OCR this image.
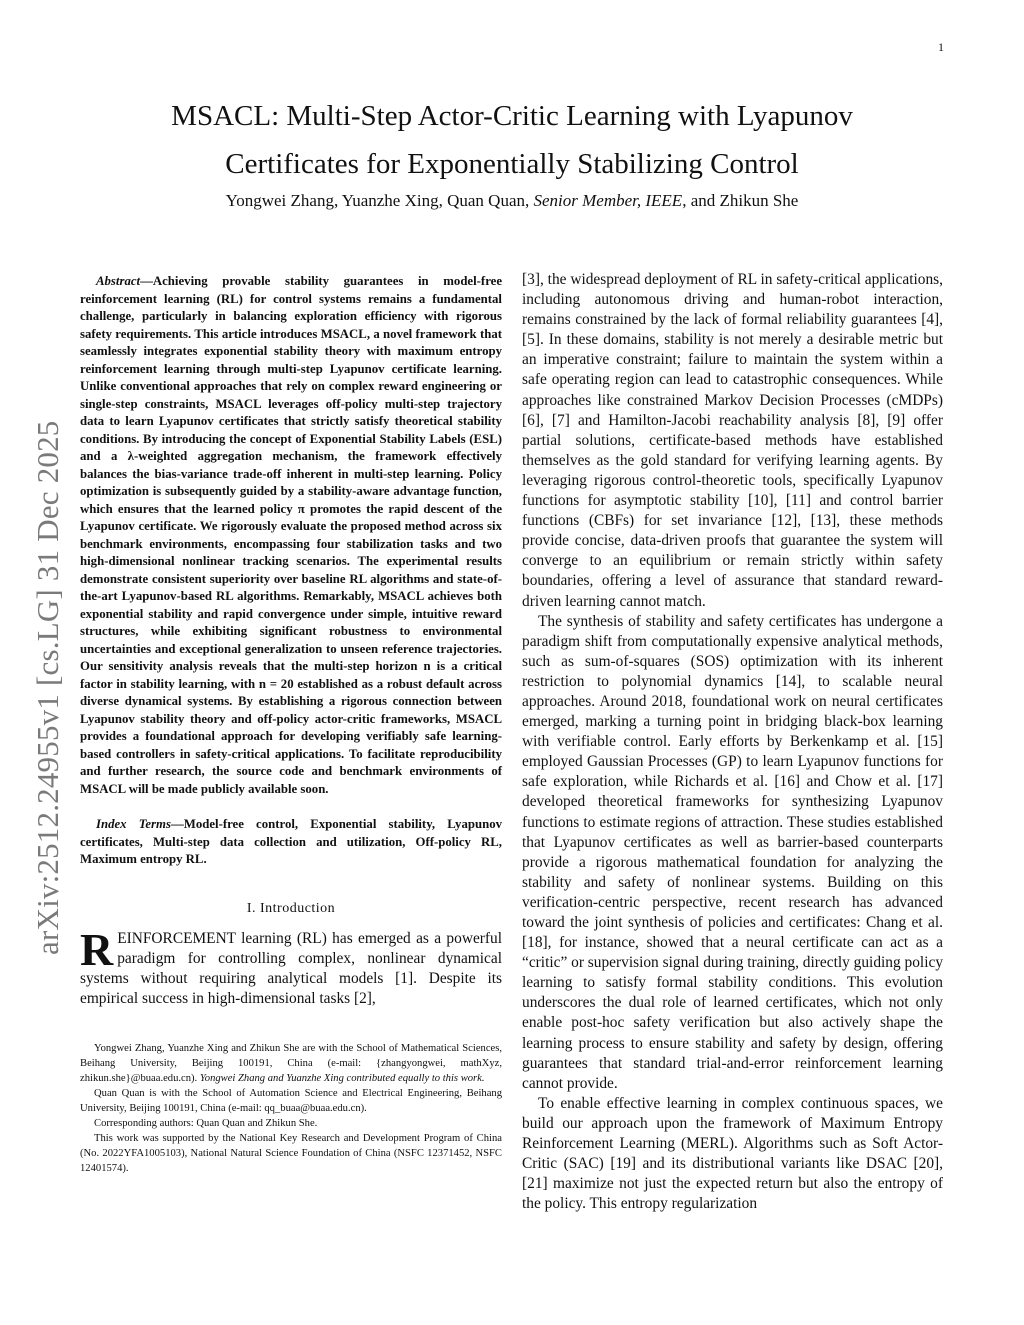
1
arXiv:2512.24955v1 [cs.LG] 31 Dec 2025
MSACL: Multi-Step Actor-Critic Learning with Lyapunov
Certificates for Exponentially Stabilizing Control
Yongwei Zhang, Yuanzhe Xing, Quan Quan, Senior Member, IEEE, and Zhikun She

Abstract—Achieving provable stability guarantees in model-free reinforcement learning (RL) for control systems remains a fundamental challenge, particularly in balancing exploration efficiency with rigorous safety requirements. This article introduces MSACL, a novel framework that seamlessly integrates exponential stability theory with maximum entropy reinforcement learning through multi-step Lyapunov certificate learning. Unlike conventional approaches that rely on complex reward engineering or single-step constraints, MSACL leverages off-policy multi-step trajectory data to learn Lyapunov certificates that strictly satisfy theoretical stability conditions. By introducing the concept of Exponential Stability Labels (ESL) and a λ-weighted aggregation mechanism, the framework effectively balances the bias-variance trade-off inherent in multi-step learning. Policy optimization is subsequently guided by a stability-aware advantage function, which ensures that the learned policy π promotes the rapid descent of the Lyapunov certificate. We rigorously evaluate the proposed method across six benchmark environments, encompassing four stabilization tasks and two high-dimensional nonlinear tracking scenarios. The experimental results demonstrate consistent superiority over baseline RL algorithms and state-of-the-art Lyapunov-based RL algorithms. Remarkably, MSACL achieves both exponential stability and rapid convergence under simple, intuitive reward structures, while exhibiting significant robustness to environmental uncertainties and exceptional generalization to unseen reference trajectories. Our sensitivity analysis reveals that the multi-step horizon n is a critical factor in stability learning, with n = 20 established as a robust default across diverse dynamical systems. By establishing a rigorous connection between Lyapunov stability theory and off-policy actor-critic frameworks, MSACL provides a foundational approach for developing verifiably safe learning-based controllers in safety-critical applications. To facilitate reproducibility and further research, the source code and benchmark environments of MSACL will be made publicly available soon.

Index Terms—Model-free control, Exponential stability, Lyapunov certificates, Multi-step data collection and utilization, Off-policy RL, Maximum entropy RL.

I. Introduction

REINFORCEMENT learning (RL) has emerged as a powerful paradigm for controlling complex, nonlinear dynamical systems without requiring analytical models [1]. Despite its empirical success in high-dimensional tasks [2],

Yongwei Zhang, Yuanzhe Xing and Zhikun She are with the School of Mathematical Sciences, Beihang University, Beijing 100191, China (e-mail: {zhangyongwei, mathXyz, zhikun.she}@buaa.edu.cn). Yongwei Zhang and Yuanzhe Xing contributed equally to this work.

Quan Quan is with the School of Automation Science and Electrical Engineering, Beihang University, Beijing 100191, China (e-mail: qq_buaa@buaa.edu.cn).

Corresponding authors: Quan Quan and Zhikun She.

This work was supported by the National Key Research and Development Program of China (No. 2022YFA1005103), National Natural Science Foundation of China (NSFC 12371452, NSFC 12401574).

[3], the widespread deployment of RL in safety-critical applications, including autonomous driving and human-robot interaction, remains constrained by the lack of formal reliability guarantees [4], [5]. In these domains, stability is not merely a desirable metric but an imperative constraint; failure to maintain the system within a safe operating region can lead to catastrophic consequences. While approaches like constrained Markov Decision Processes (cMDPs) [6], [7] and Hamilton-Jacobi reachability analysis [8], [9] offer partial solutions, certificate-based methods have established themselves as the gold standard for verifying learning agents. By leveraging rigorous control-theoretic tools, specifically Lyapunov functions for asymptotic stability [10], [11] and control barrier functions (CBFs) for set invariance [12], [13], these methods provide concise, data-driven proofs that guarantee the system will converge to an equilibrium or remain strictly within safety boundaries, offering a level of assurance that standard reward-driven learning cannot match.

The synthesis of stability and safety certificates has undergone a paradigm shift from computationally expensive analytical methods, such as sum-of-squares (SOS) optimization with its inherent restriction to polynomial dynamics [14], to scalable neural approaches. Around 2018, foundational work on neural certificates emerged, marking a turning point in bridging black-box learning with verifiable control. Early efforts by Berkenkamp et al. [15] employed Gaussian Processes (GP) to learn Lyapunov functions for safe exploration, while Richards et al. [16] and Chow et al. [17] developed theoretical frameworks for synthesizing Lyapunov functions to estimate regions of attraction. These studies established that Lyapunov certificates as well as barrier-based counterparts provide a rigorous mathematical foundation for analyzing the stability and safety of nonlinear systems. Building on this verification-centric perspective, recent research has advanced toward the joint synthesis of policies and certificates: Chang et al. [18], for instance, showed that a neural certificate can act as a “critic” or supervision signal during training, directly guiding policy learning to satisfy formal stability conditions. This evolution underscores the dual role of learned certificates, which not only enable post-hoc safety verification but also actively shape the learning process to ensure stability and safety by design, offering guarantees that standard trial-and-error reinforcement learning cannot provide.

To enable effective learning in complex continuous spaces, we build our approach upon the framework of Maximum Entropy Reinforcement Learning (MERL). Algorithms such as Soft Actor-Critic (SAC) [19] and its distributional variants like DSAC [20], [21] maximize not just the expected return but also the entropy of the policy. This entropy regularization
